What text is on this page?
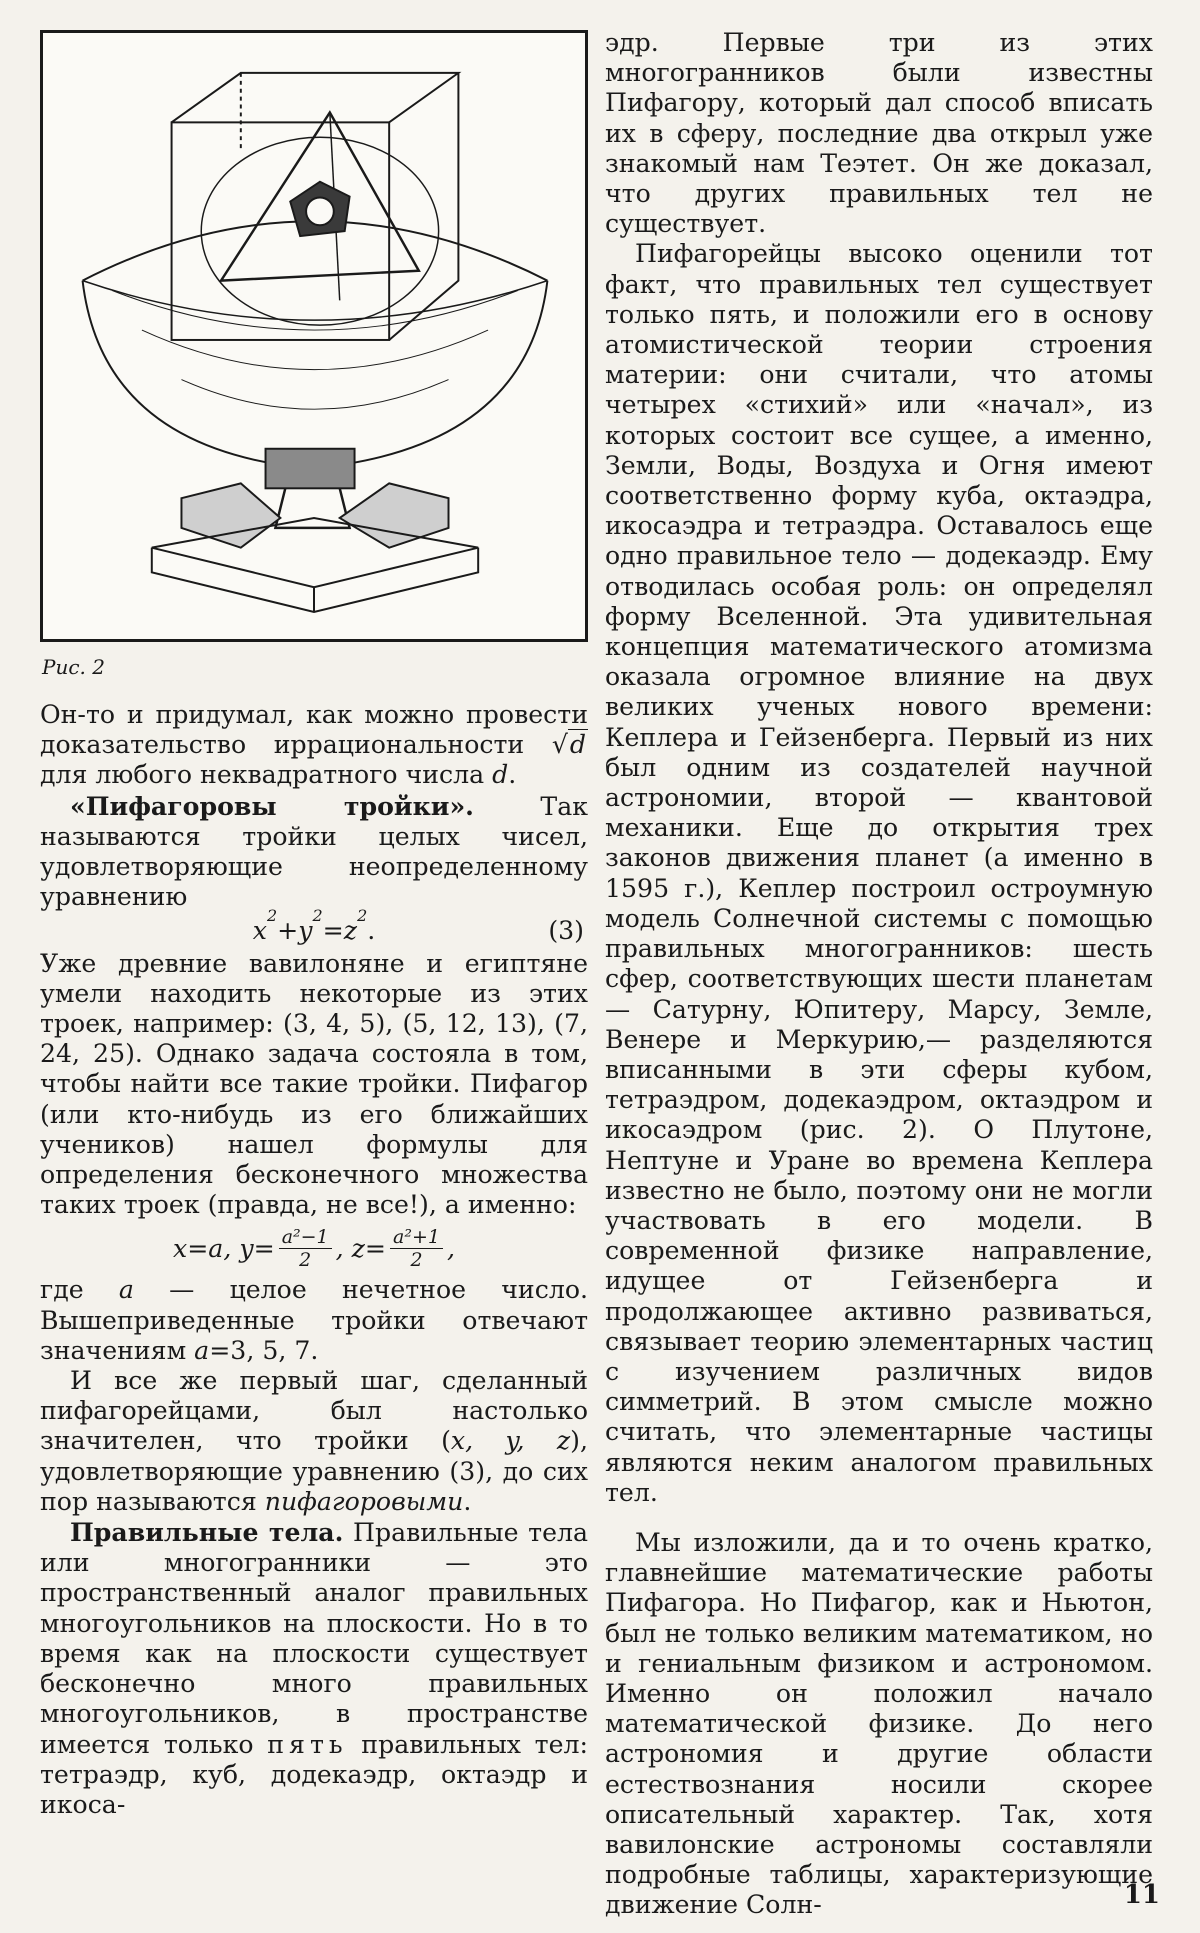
Рис. 2

Он-то и придумал, как можно провести доказательство иррациональности √d для любого неквадратного числа d.

«Пифагоровы тройки». Так называются тройки целых чисел, удовлетворяющие неопределенному уравнению

x
2
+ y
2
= z
2
.	(3)

Уже древние вавилоняне и египтяне умели находить некоторые из этих троек, например: (3, 4, 5), (5, 12, 13), (7, 24, 25). Однако задача состояла в том, чтобы найти все такие тройки. Пифагор (или кто-нибудь из его ближайших учеников) нашел формулы для определения бесконечного множества таких троек (правда, не все!), а именно:

x=a, $y= \frac{\text{a²−1}}{2}$ , $z= \frac{\text{a²+1}}{2}$ ,

где a — целое нечетное число. Вышеприведенные тройки отвечают значениям a=3, 5, 7.

И все же первый шаг, сделанный пифагорейцами, был настолько значителен, что тройки (x, y, z), удовлетворяющие уравнению (3), до сих пор называются пифагоровыми.

Правильные тела. Правильные тела или многогранники — это пространственный аналог правильных многоугольников на плоскости. Но в то время как на плоскости существует бесконечно много правильных многоугольников, в пространстве имеется только пять правильных тел: тетраэдр, куб, додекаэдр, октаэдр и икоса-

эдр. Первые три из этих многогранников были известны Пифагору, который дал способ вписать их в сферу, последние два открыл уже знакомый нам Теэтет. Он же доказал, что других правильных тел не существует.

Пифагорейцы высоко оценили тот факт, что правильных тел существует только пять, и положили его в основу атомистической теории строения материи: они считали, что атомы четырех «стихий» или «начал», из которых состоит все сущее, а именно, Земли, Воды, Воздуха и Огня имеют соответственно форму куба, октаэдра, икосаэдра и тетраэдра. Оставалось еще одно правильное тело — додекаэдр. Ему отводилась особая роль: он определял форму Вселенной. Эта удивительная концепция математического атомизма оказала огромное влияние на двух великих ученых нового времени: Кеплера и Гейзенберга. Первый из них был одним из создателей научной астрономии, второй — квантовой механики. Еще до открытия трех законов движения планет (а именно в 1595 г.), Кеплер построил остроумную модель Солнечной системы с помощью правильных многогранников: шесть сфер, соответствующих шести планетам — Сатурну, Юпитеру, Марсу, Земле, Венере и Меркурию,— разделяются вписанными в эти сферы кубом, тетраэдром, додекаэдром, октаэдром и икосаэдром (рис. 2). О Плутоне, Нептуне и Уране во времена Кеплера известно не было, поэтому они не могли участвовать в его модели. В современной физике направление, идущее от Гейзенберга и продолжающее активно развиваться, связывает теорию элементарных частиц с изучением различных видов симметрий. В этом смысле можно считать, что элементарные частицы являются неким аналогом правильных тел.

Мы изложили, да и то очень кратко, главнейшие математические работы Пифагора. Но Пифагор, как и Ньютон, был не только великим математиком, но и гениальным физиком и астрономом. Именно он положил начало математической физике. До него астрономия и другие области естествознания носили скорее описательный характер. Так, хотя вавилонские астрономы составляли подробные таблицы, характеризующие движение Солн-	11
